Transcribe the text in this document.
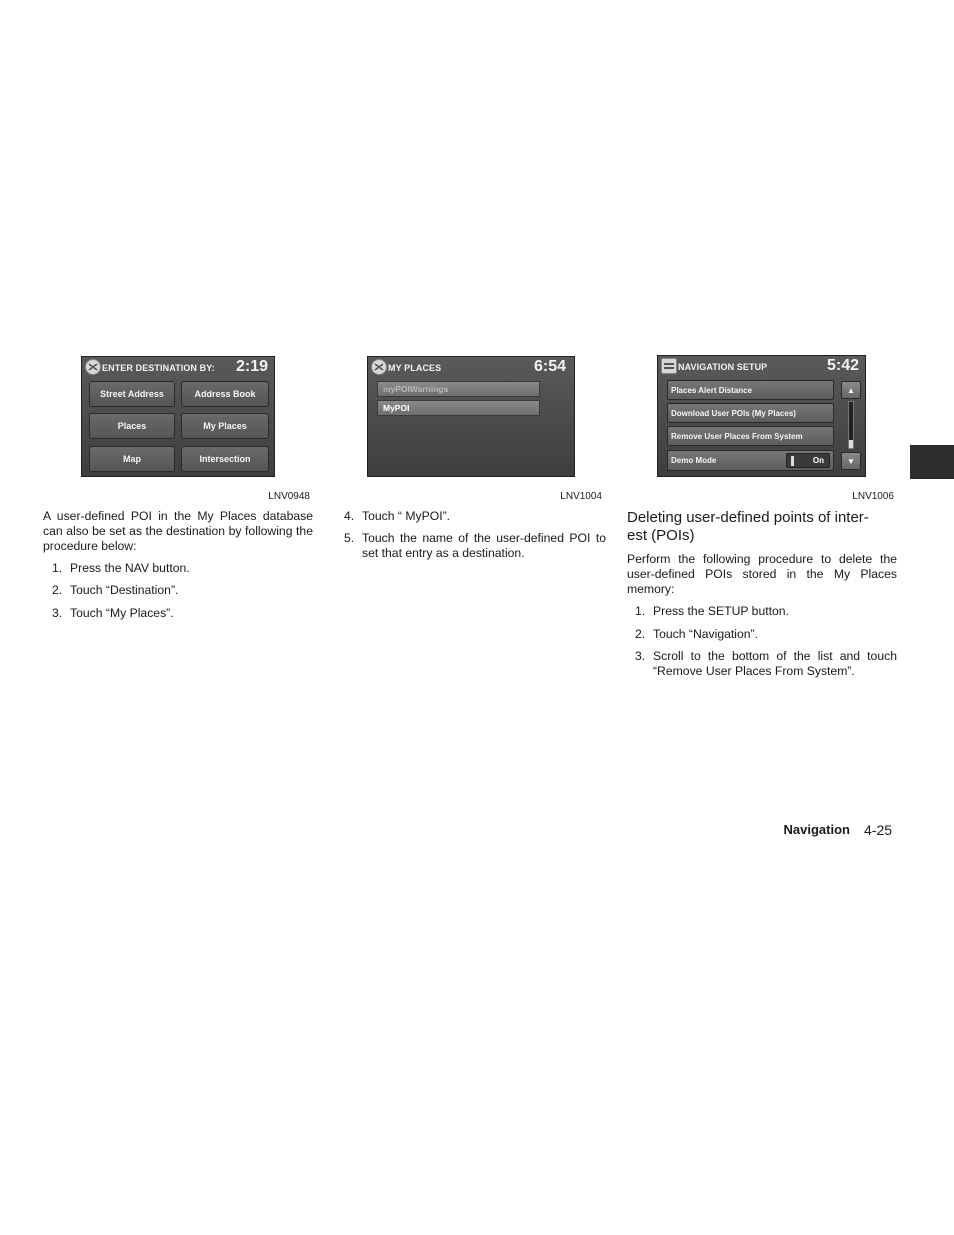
ENTER DESTINATION BY: 2:19
Street Address	Address Book
Places	My Places
Map	Intersection
LNV0948
MY PLACES	6:54
myPOIWarnings
MyPOI
LNV1004
NAVIGATION SETUP	5:42
Places Alert Distance
Download User POIs (My Places)
Remove User Places From System
Demo Mode	On
▲
▼
LNV1006
A user-defined POI in the My Places database can also be set as the destination by following the procedure below:
1. Press the NAV button.
2. Touch “Destination”.
3. Touch “My Places”.
4. Touch “ MyPOI”.
5. Touch the name of the user-defined POI to set that entry as a destination.
Deleting user-defined points of inter-
est (POIs)
Perform the following procedure to delete the user-defined POIs stored in the My Places memory:
1. Press the SETUP button.
2. Touch “Navigation”.
3. Scroll to the bottom of the list and touch “Remove User Places From System”.
Navigation 4-25
